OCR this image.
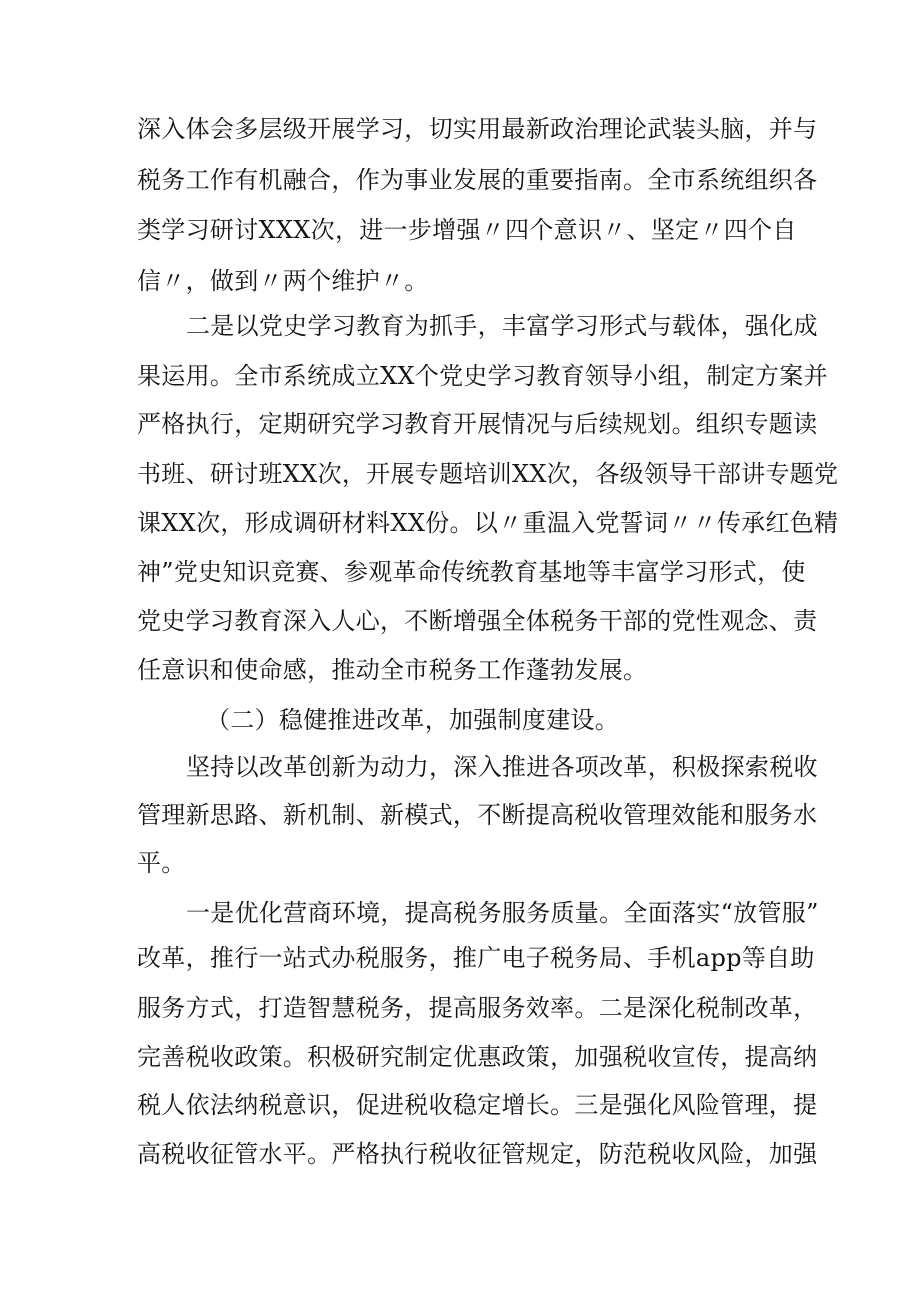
深入体会多层级开展学习，切实用最新政治理论武装头脑，并与
税务工作有机融合，作为事业发展的重要指南。全市系统组织各
类学习研讨XXX次，进一步增强〃四个意识〃、坚定〃四个自
信〃，做到〃两个维护〃。
二是以党史学习教育为抓手，丰富学习形式与载体，强化成
果运用。全市系统成立XX个党史学习教育领导小组，制定方案并
严格执行，定期研究学习教育开展情况与后续规划。组织专题读
书班、研讨班XX次，开展专题培训XX次，各级领导干部讲专题党
课XX次，形成调研材料XX份。以〃重温入党誓词〃〃传承红色精
神”党史知识竞赛、参观革命传统教育基地等丰富学习形式，使
党史学习教育深入人心，不断增强全体税务干部的党性观念、责
任意识和使命感，推动全市税务工作蓬勃发展。
（二）稳健推进改革，加强制度建设。
坚持以改革创新为动力，深入推进各项改革，积极探索税收
管理新思路、新机制、新模式，不断提高税收管理效能和服务水
平。
一是优化营商环境，提高税务服务质量。全面落实“放管服”
改革，推行一站式办税服务，推广电子税务局、手机app等自助
服务方式，打造智慧税务，提高服务效率。二是深化税制改革，
完善税收政策。积极研究制定优惠政策，加强税收宣传，提高纳
税人依法纳税意识，促进税收稳定增长。三是强化风险管理，提
高税收征管水平。严格执行税收征管规定，防范税收风险，加强
